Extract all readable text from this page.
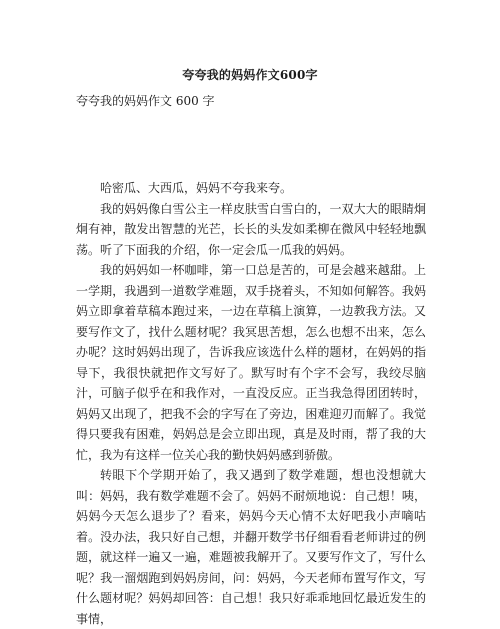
夸夸我的妈妈作文600字
夸夸我的妈妈作文 600 字

哈密瓜、大西瓜，妈妈不夸我来夸。

我的妈妈像白雪公主一样皮肤雪白雪白的，一双大大的眼睛炯炯有神，散发出智慧的光芒，长长的头发如柔柳在微风中轻轻地飘荡。听了下面我的介绍，你一定会瓜一瓜我的妈妈。

我的妈妈如一杯咖啡，第一口总是苦的，可是会越来越甜。上一学期，我遇到一道数学难题，双手挠着头，不知如何解答。我妈妈立即拿着草稿本跑过来，一边在草稿上演算，一边教我方法。又要写作文了，找什么题材呢？我冥思苦想，怎么也想不出来，怎么办呢？这时妈妈出现了，告诉我应该选什么样的题材，在妈妈的指导下，我很快就把作文写好了。默写时有个字不会写，我绞尽脑汁，可脑子似乎在和我作对，一直没反应。正当我急得团团转时，妈妈又出现了，把我不会的字写在了旁边，困难迎刃而解了。我觉得只要我有困难，妈妈总是会立即出现，真是及时雨，帮了我的大忙，我为有这样一位关心我的勤快妈妈感到骄傲。

转眼下个学期开始了，我又遇到了数学难题，想也没想就大叫：妈妈，我有数学难题不会了。妈妈不耐烦地说：自己想！咦，妈妈今天怎么退步了？看来，妈妈今天心情不太好吧我小声嘀咕着。没办法，我只好自己想，并翻开数学书仔细看看老师讲过的例题，就这样一遍又一遍，难题被我解开了。又要写作文了，写什么呢？我一溜烟跑到妈妈房间，问：妈妈，今天老师布置写作文，写什么题材呢？妈妈却回答：自己想！我只好乖乖地回忆最近发生的事情，
